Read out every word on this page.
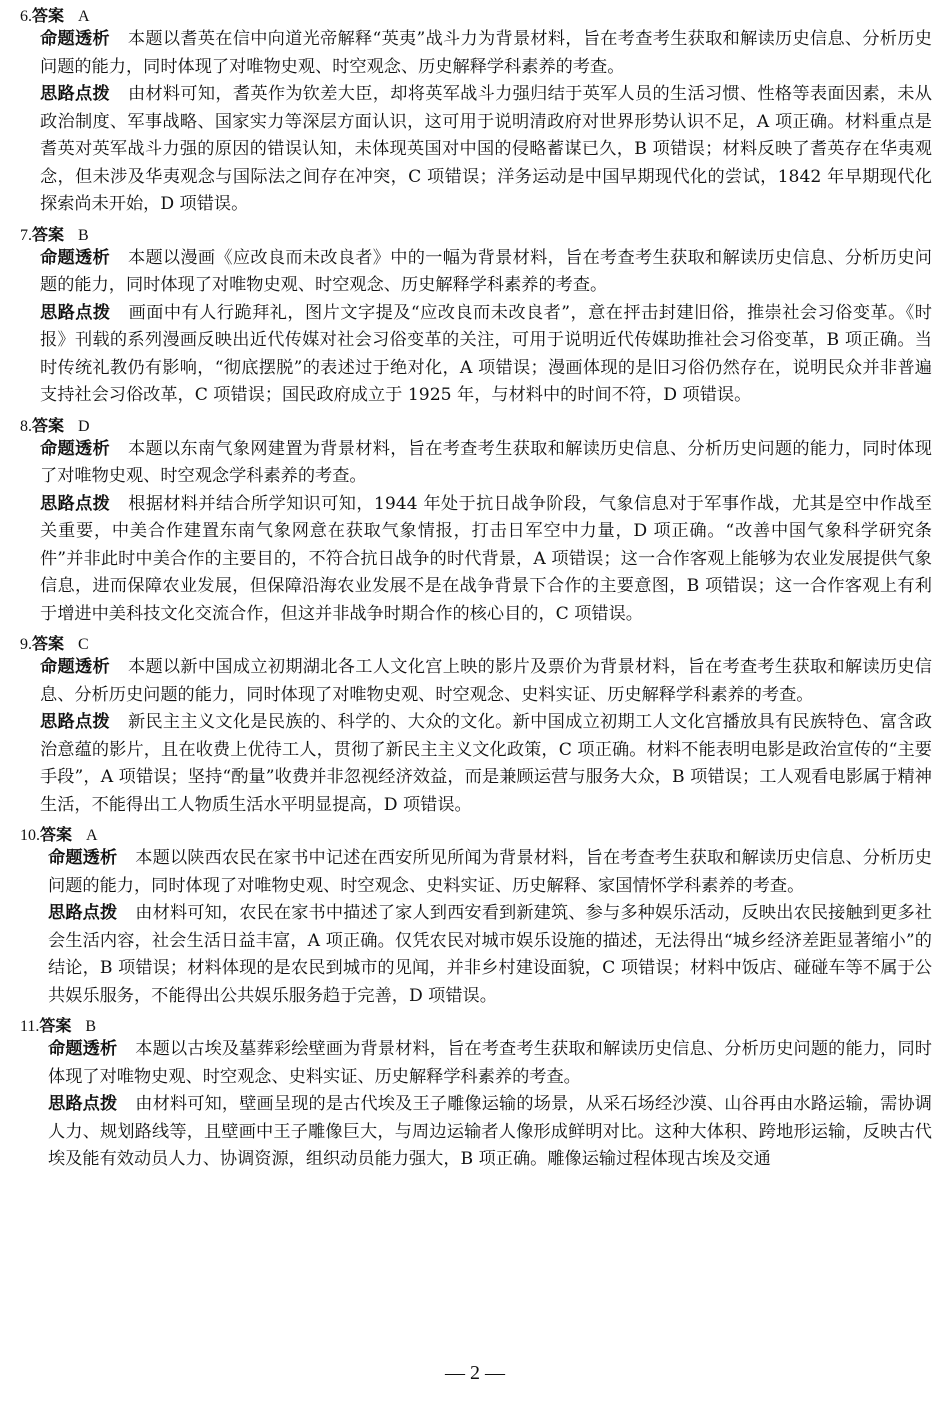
6.答案 A

命题透析 本题以耆英在信中向道光帝解释“英夷”战斗力为背景材料，旨在考查考生获取和解读历史信息、分析历史问题的能力，同时体现了对唯物史观、时空观念、历史解释学科素养的考查。

思路点拨 由材料可知，耆英作为钦差大臣，却将英军战斗力强归结于英军人员的生活习惯、性格等表面因素，未从政治制度、军事战略、国家实力等深层方面认识，这可用于说明清政府对世界形势认识不足，A 项正确。材料重点是耆英对英军战斗力强的原因的错误认知，未体现英国对中国的侵略蓄谋已久，B 项错误；材料反映了耆英存在华夷观念，但未涉及华夷观念与国际法之间存在冲突，C 项错误；洋务运动是中国早期现代化的尝试，1842 年早期现代化探索尚未开始，D 项错误。

7.答案 B

命题透析 本题以漫画《应改良而未改良者》中的一幅为背景材料，旨在考查考生获取和解读历史信息、分析历史问题的能力，同时体现了对唯物史观、时空观念、历史解释学科素养的考查。

思路点拨 画面中有人行跪拜礼，图片文字提及“应改良而未改良者”，意在抨击封建旧俗，推崇社会习俗变革。《时报》刊载的系列漫画反映出近代传媒对社会习俗变革的关注，可用于说明近代传媒助推社会习俗变革，B 项正确。当时传统礼教仍有影响，“彻底摆脱”的表述过于绝对化，A 项错误；漫画体现的是旧习俗仍然存在，说明民众并非普遍支持社会习俗改革，C 项错误；国民政府成立于 1925 年，与材料中的时间不符，D 项错误。

8.答案 D

命题透析 本题以东南气象网建置为背景材料，旨在考查考生获取和解读历史信息、分析历史问题的能力，同时体现了对唯物史观、时空观念学科素养的考查。

思路点拨 根据材料并结合所学知识可知，1944 年处于抗日战争阶段，气象信息对于军事作战，尤其是空中作战至关重要，中美合作建置东南气象网意在获取气象情报，打击日军空中力量，D 项正确。“改善中国气象科学研究条件”并非此时中美合作的主要目的，不符合抗日战争的时代背景，A 项错误；这一合作客观上能够为农业发展提供气象信息，进而保障农业发展，但保障沿海农业发展不是在战争背景下合作的主要意图，B 项错误；这一合作客观上有利于增进中美科技文化交流合作，但这并非战争时期合作的核心目的，C 项错误。

9.答案 C

命题透析 本题以新中国成立初期湖北各工人文化宫上映的影片及票价为背景材料，旨在考查考生获取和解读历史信息、分析历史问题的能力，同时体现了对唯物史观、时空观念、史料实证、历史解释学科素养的考查。

思路点拨 新民主主义文化是民族的、科学的、大众的文化。新中国成立初期工人文化宫播放具有民族特色、富含政治意蕴的影片，且在收费上优待工人，贯彻了新民主主义文化政策，C 项正确。材料不能表明电影是政治宣传的“主要手段”，A 项错误；坚持“酌量”收费并非忽视经济效益，而是兼顾运营与服务大众，B 项错误；工人观看电影属于精神生活，不能得出工人物质生活水平明显提高，D 项错误。

10.答案 A

命题透析 本题以陕西农民在家书中记述在西安所见所闻为背景材料，旨在考查考生获取和解读历史信息、分析历史问题的能力，同时体现了对唯物史观、时空观念、史料实证、历史解释、家国情怀学科素养的考查。

思路点拨 由材料可知，农民在家书中描述了家人到西安看到新建筑、参与多种娱乐活动，反映出农民接触到更多社会生活内容，社会生活日益丰富，A 项正确。仅凭农民对城市娱乐设施的描述，无法得出“城乡经济差距显著缩小”的结论，B 项错误；材料体现的是农民到城市的见闻，并非乡村建设面貌，C 项错误；材料中饭店、碰碰车等不属于公共娱乐服务，不能得出公共娱乐服务趋于完善，D 项错误。

11.答案 B

命题透析 本题以古埃及墓葬彩绘壁画为背景材料，旨在考查考生获取和解读历史信息、分析历史问题的能力，同时体现了对唯物史观、时空观念、史料实证、历史解释学科素养的考查。

思路点拨 由材料可知，壁画呈现的是古代埃及王子雕像运输的场景，从采石场经沙漠、山谷再由水路运输，需协调人力、规划路线等，且壁画中王子雕像巨大，与周边运输者人像形成鲜明对比。这种大体积、跨地形运输，反映古代埃及能有效动员人力、协调资源，组织动员能力强大，B 项正确。雕像运输过程体现古埃及交通

— 2 —
